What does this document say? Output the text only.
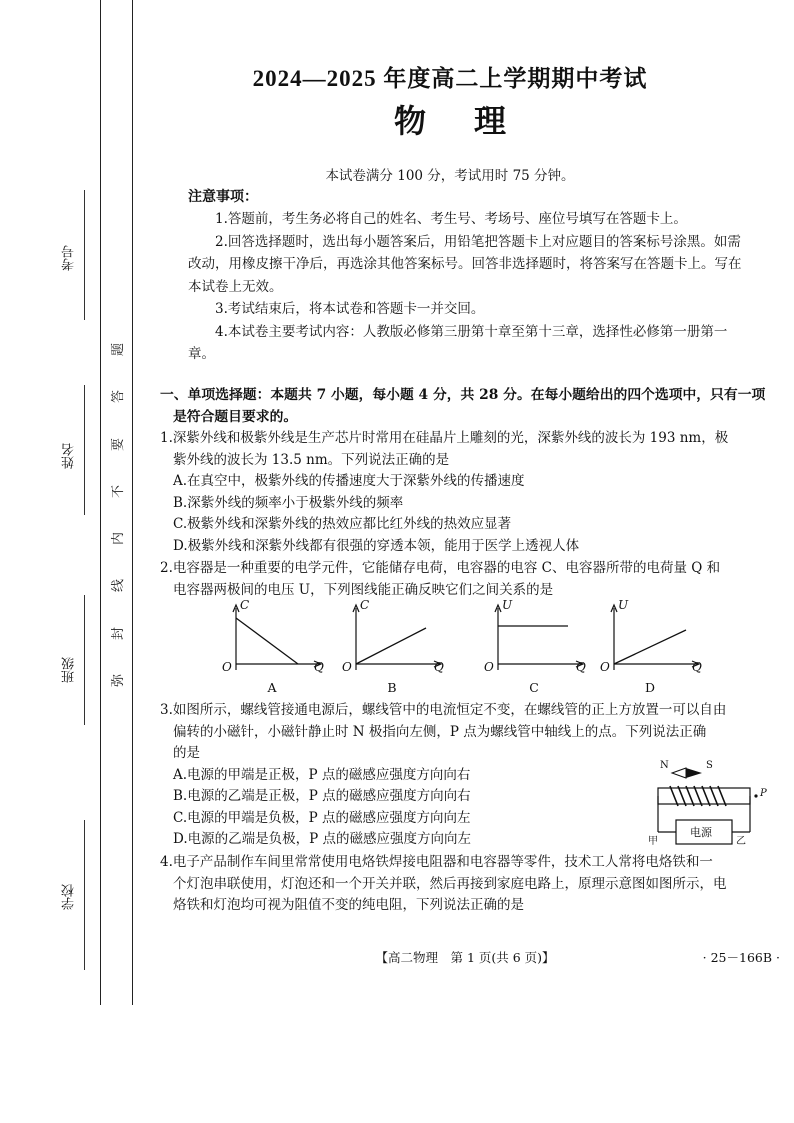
考号
姓名
班级
学校
弥
封
线
内
不
要
答
题
2024—2025 年度高二上学期期中考试
物理
本试卷满分 100 分，考试用时 75 分钟。
注意事项：

1.答题前，考生务必将自己的姓名、考生号、考场号、座位号填写在答题卡上。

2.回答选择题时，选出每小题答案后，用铅笔把答题卡上对应题目的答案标号涂黑。如需改动，用橡皮擦干净后，再选涂其他答案标号。回答非选择题时，将答案写在答题卡上。写在本试卷上无效。

3.考试结束后，将本试卷和答题卡一并交回。

4.本试卷主要考试内容：人教版必修第三册第十章至第十三章，选择性必修第一册第一章。

一、单项选择题：本题共 7 小题，每小题 4 分，共 28 分。在每小题给出的四个选项中，只有一项
是符合题目要求的。

1.深紫外线和极紫外线是生产芯片时常用在硅晶片上雕刻的光，深紫外线的波长为 193 nm，极

紫外线的波长为 13.5 nm。下列说法正确的是

A.在真空中，极紫外线的传播速度大于深紫外线的传播速度

B.深紫外线的频率小于极紫外线的频率

C.极紫外线和深紫外线的热效应都比红外线的热效应显著

D.极紫外线和深紫外线都有很强的穿透本领，能用于医学上透视人体

2.电容器是一种重要的电学元件，它能储存电荷，电容器的电容 C、电容器所带的电荷量 Q 和

电容器两极间的电压 U，下列图线能正确反映它们之间关系的是

C
O	Q
A
C
O	Q
B
U
O	Q
C
U
O	Q
D

3.如图所示，螺线管接通电源后，螺线管中的电流恒定不变，在螺线管的正上方放置一可以自由

偏转的小磁针，小磁针静止时 N 极指向左侧，P 点为螺线管中轴线上的点。下列说法正确

的是

A.电源的甲端是正极，P 点的磁感应强度方向向右

B.电源的乙端是正极，P 点的磁感应强度方向向右

C.电源的甲端是负极，P 点的磁感应强度方向向左

D.电源的乙端是负极，P 点的磁感应强度方向向左

N	S
P
电源
甲	乙

4.电子产品制作车间里常常使用电烙铁焊接电阻器和电容器等零件，技术工人常将电烙铁和一

个灯泡串联使用，灯泡还和一个开关并联，然后再接到家庭电路上，原理示意图如图所示，电

烙铁和灯泡均可视为阻值不变的纯电阻，下列说法正确的是

【高二物理　第 1 页(共 6 页)】	· 25－166B ·
